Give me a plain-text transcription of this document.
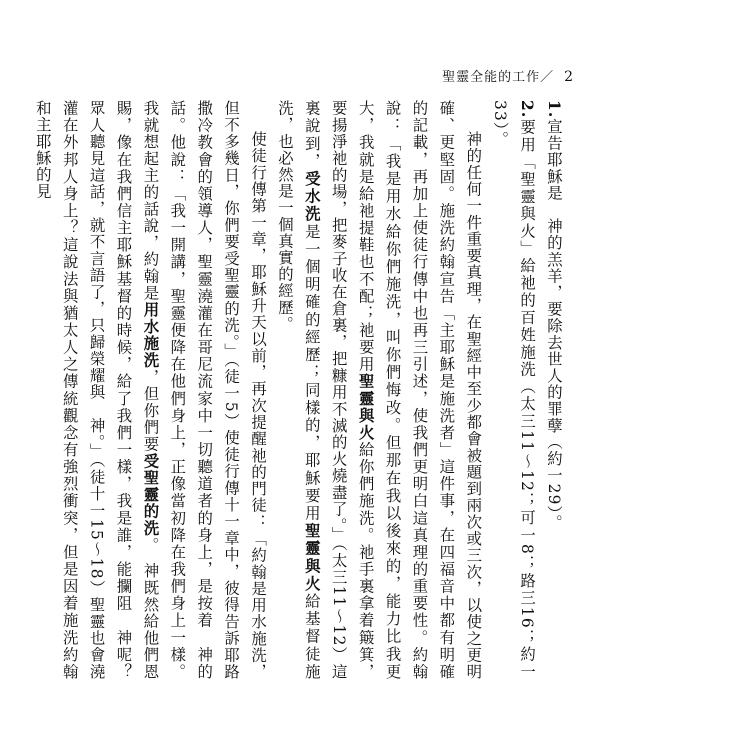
聖靈全能的工作／ 2

1.宣告耶穌是　神的羔羊，要除去世人的罪孽（約一29）。

2.要用「聖靈與火」給祂的百姓施洗（太三11～12；可一8；路三16；約一33）。

神的任何一件重要真理，在聖經中至少都會被題到兩次或三次，以使之更明確、更堅固。施洗約翰宣告「主耶穌是施洗者」這件事，在四福音中都有明確的記載，再加上使徒行傳中也再三引述，使我們更明白這真理的重要性。約翰說：「我是用水給你們施洗，叫你們悔改。但那在我以後來的，能力比我更大，我就是給祂提鞋也不配；祂要用聖靈與火給你們施洗。祂手裏拿着簸箕，要揚淨祂的場，把麥子收在倉裏，把糠用不滅的火燒盡了。」（太三11～12）這裏說到，受水洗是一個明確的經歷；同樣的，耶穌要用聖靈與火給基督徒施洗，也必然是一個真實的經歷。

使徒行傳第一章，耶穌升天以前，再次提醒祂的門徒：「約翰是用水施洗，但不多幾日，你們要受聖靈的洗。」（徒一5）使徒行傳十一章中，彼得告訴耶路撒冷教會的領導人，聖靈澆灌在哥尼流家中一切聽道者的身上，是按着　神的話。他說：「我一開講，聖靈便降在他們身上，正像當初降在我們身上一樣。我就想起主的話說，約翰是用水施洗，但你們要受聖靈的洗。　神既然給他們恩賜，像在我們信主耶穌基督的時候，給了我們一樣，我是誰，能攔阻　神呢？眾人聽見這話，就不言語了，只歸榮耀與　神。」（徒十一15～18）聖靈也會澆灌在外邦人身上？這說法與猶太人之傳統觀念有強烈衝突，但是因着施洗約翰和主耶穌的見
